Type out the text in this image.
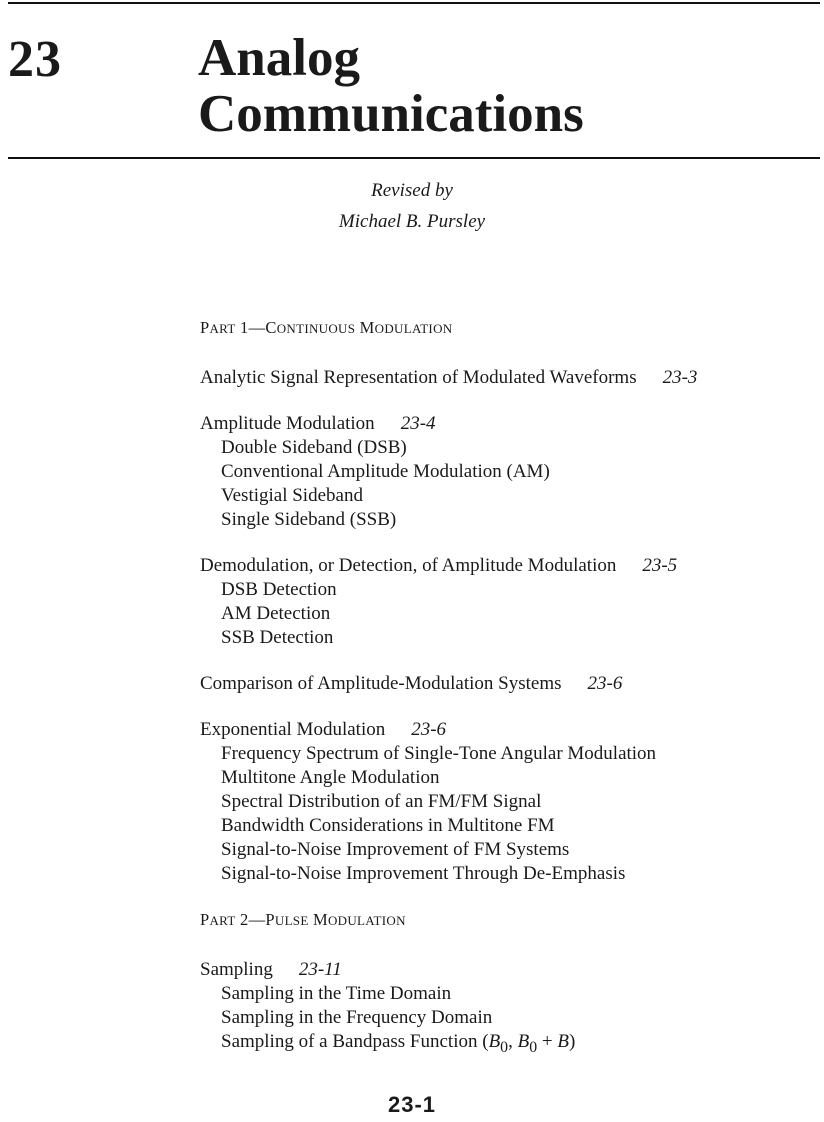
23	Analog
Communications
Revised by
Michael B. Pursley
PART 1—CONTINUOUS MODULATION
Analytic Signal Representation of Modulated Waveforms 23-3
Amplitude Modulation 23-4
Double Sideband (DSB)
Conventional Amplitude Modulation (AM)
Vestigial Sideband
Single Sideband (SSB)
Demodulation, or Detection, of Amplitude Modulation 23-5
DSB Detection
AM Detection
SSB Detection
Comparison of Amplitude-Modulation Systems 23-6
Exponential Modulation 23-6
Frequency Spectrum of Single-Tone Angular Modulation
Multitone Angle Modulation
Spectral Distribution of an FM/FM Signal
Bandwidth Considerations in Multitone FM
Signal-to-Noise Improvement of FM Systems
Signal-to-Noise Improvement Through De-Emphasis
PART 2—PULSE MODULATION
Sampling 23-11
Sampling in the Time Domain
Sampling in the Frequency Domain
Sampling of a Bandpass Function ($B_0$, $B_0 + B$)
23-1
